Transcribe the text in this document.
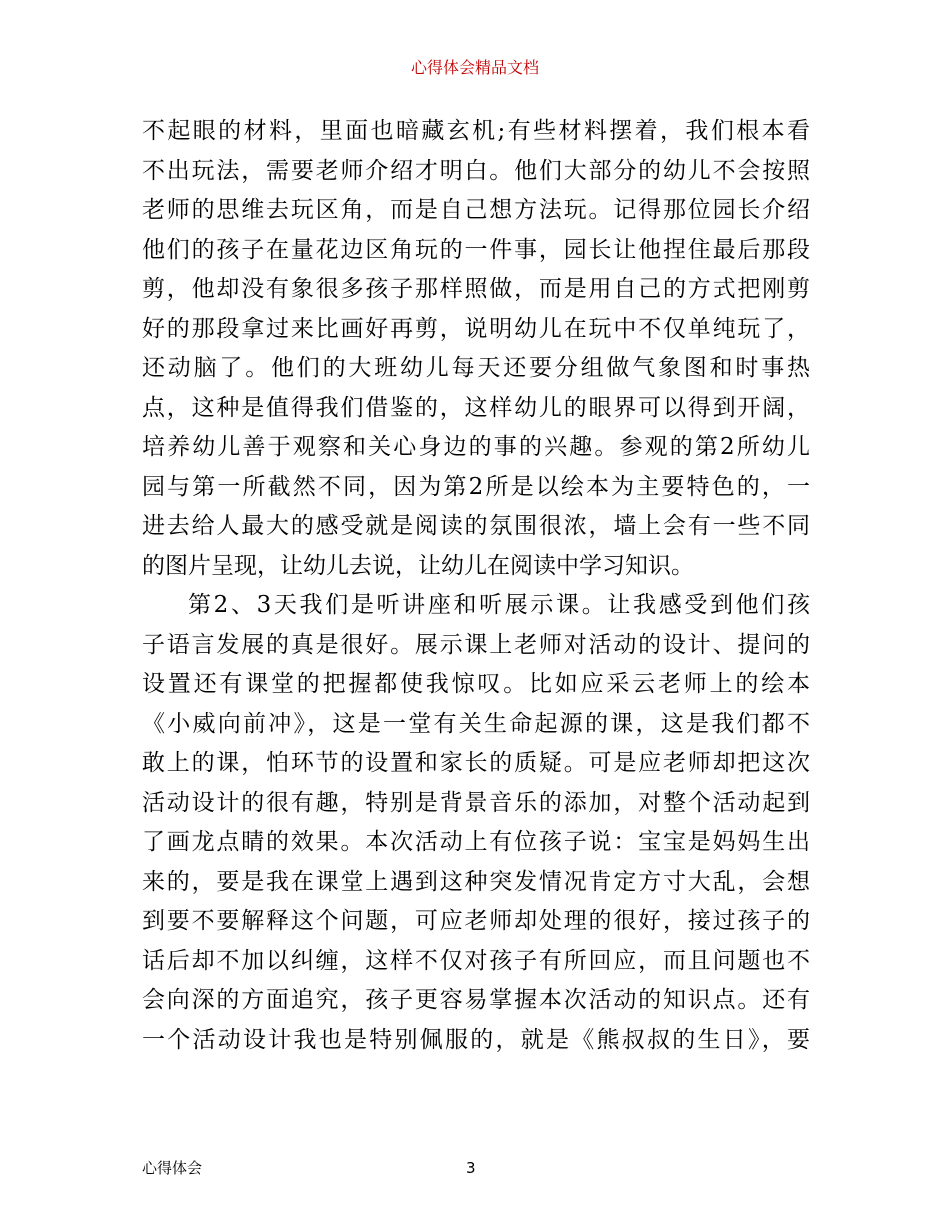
心得体会精品文档
不起眼的材料，里面也暗藏玄机;有些材料摆着，我们根本看
不出玩法，需要老师介绍才明白。他们大部分的幼儿不会按照
老师的思维去玩区角，而是自己想方法玩。记得那位园长介绍
他们的孩子在量花边区角玩的一件事，园长让他捏住最后那段
剪，他却没有象很多孩子那样照做，而是用自己的方式把刚剪
好的那段拿过来比画好再剪，说明幼儿在玩中不仅单纯玩了，
还动脑了。他们的大班幼儿每天还要分组做气象图和时事热
点，这种是值得我们借鉴的，这样幼儿的眼界可以得到开阔，
培养幼儿善于观察和关心身边的事的兴趣。参观的第2所幼儿
园与第一所截然不同，因为第2所是以绘本为主要特色的，一
进去给人最大的感受就是阅读的氛围很浓，墙上会有一些不同
的图片呈现，让幼儿去说，让幼儿在阅读中学习知识。
第2、3天我们是听讲座和听展示课。让我感受到他们孩
子语言发展的真是很好。展示课上老师对活动的设计、提问的
设置还有课堂的把握都使我惊叹。比如应采云老师上的绘本
《小威向前冲》，这是一堂有关生命起源的课，这是我们都不
敢上的课，怕环节的设置和家长的质疑。可是应老师却把这次
活动设计的很有趣，特别是背景音乐的添加，对整个活动起到
了画龙点睛的效果。本次活动上有位孩子说：宝宝是妈妈生出
来的，要是我在课堂上遇到这种突发情况肯定方寸大乱，会想
到要不要解释这个问题，可应老师却处理的很好，接过孩子的
话后却不加以纠缠，这样不仅对孩子有所回应，而且问题也不
会向深的方面追究，孩子更容易掌握本次活动的知识点。还有
一个活动设计我也是特别佩服的，就是《熊叔叔的生日》，要
心得体会	3
